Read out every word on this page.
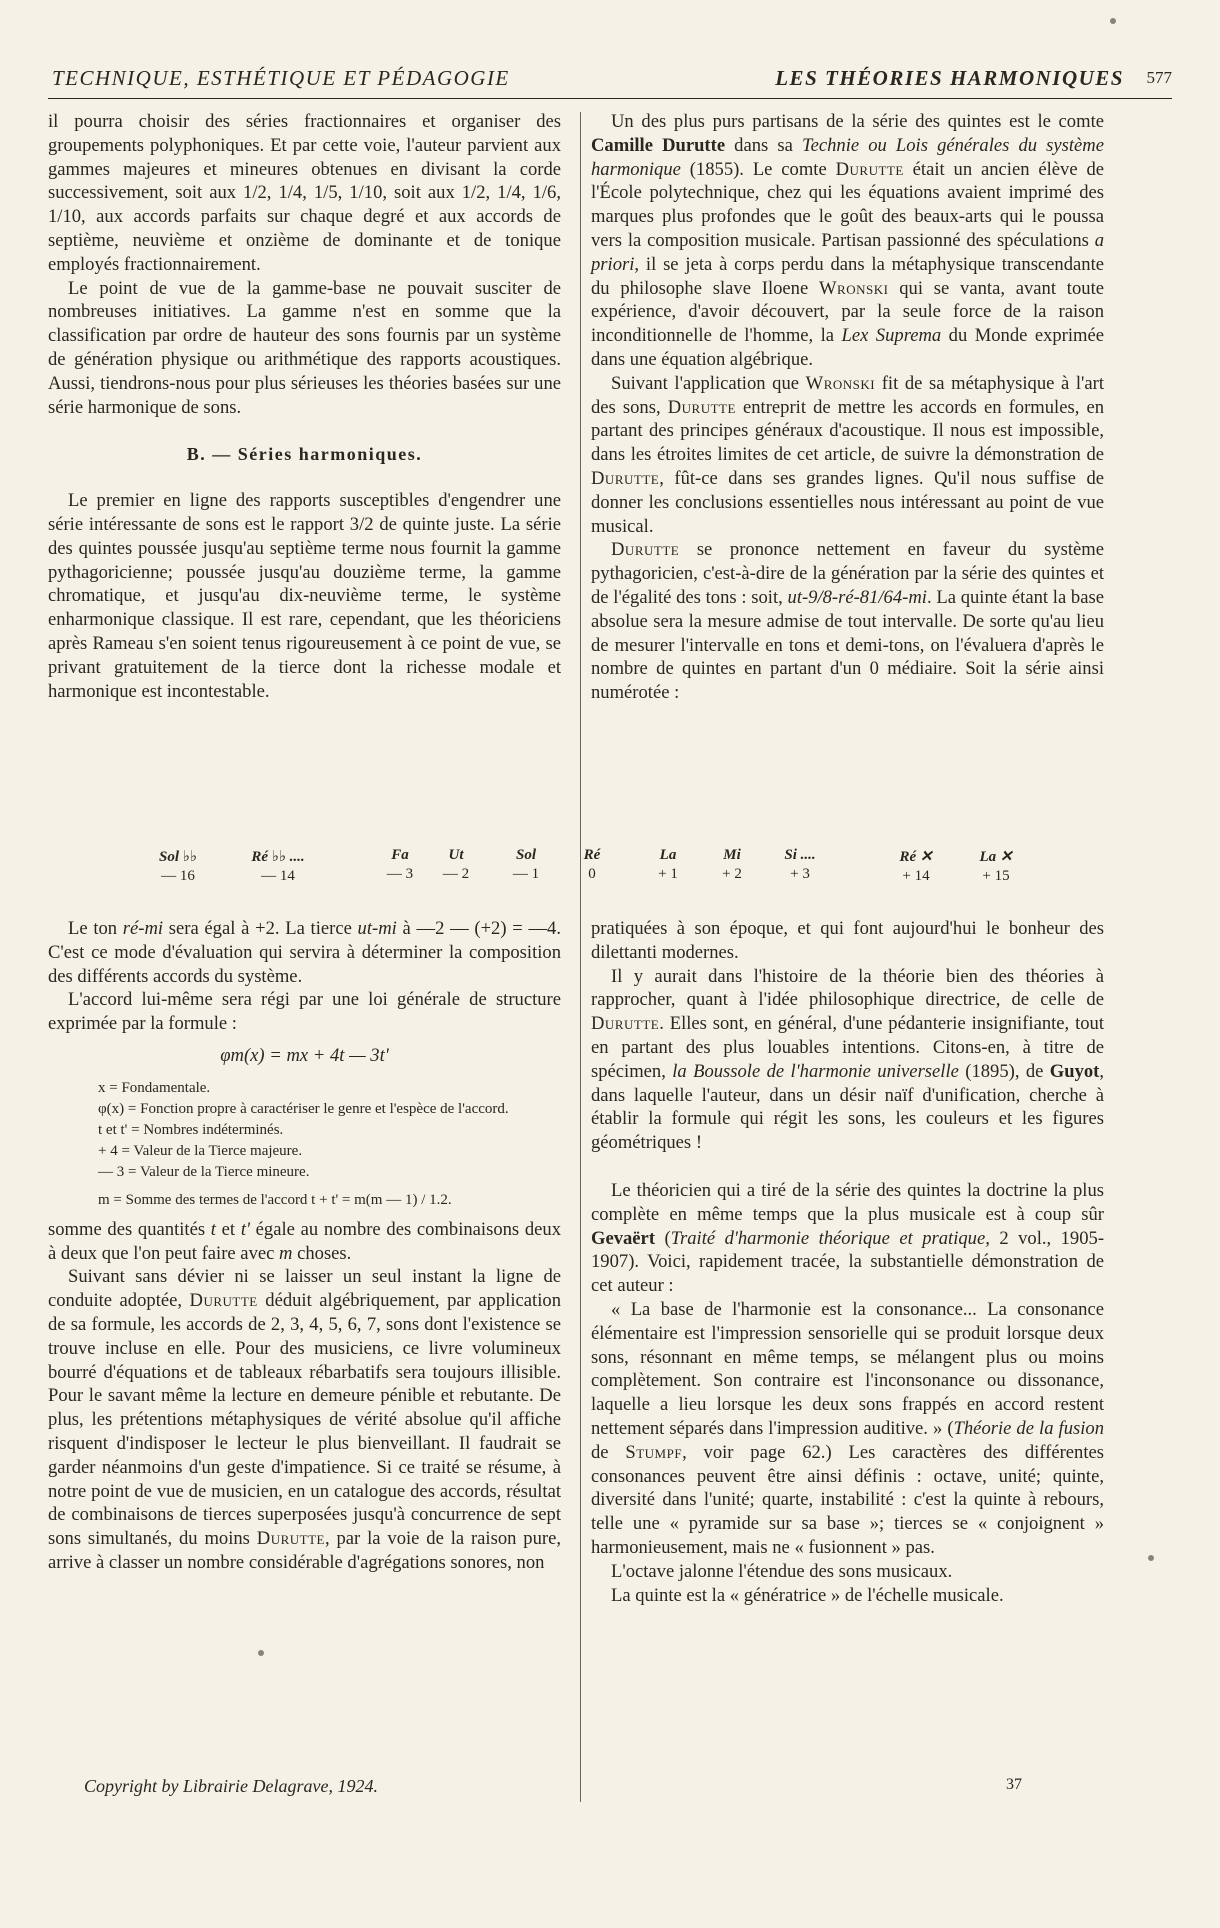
TECHNIQUE, ESTHÉTIQUE ET PÉDAGOGIE	LES THÉORIES HARMONIQUES 577

il pourra choisir des séries fractionnaires et organiser des groupements polyphoniques. Et par cette voie, l'auteur parvient aux gammes majeures et mineures obtenues en divisant la corde successivement, soit aux 1/2, 1/4, 1/5, 1/10, soit aux 1/2, 1/4, 1/6, 1/10, aux accords parfaits sur chaque degré et aux accords de septième, neuvième et onzième de dominante et de tonique employés fractionnairement.

Le point de vue de la gamme-base ne pouvait susciter de nombreuses initiatives. La gamme n'est en somme que la classification par ordre de hauteur des sons fournis par un système de génération physique ou arithmétique des rapports acoustiques. Aussi, tiendrons-nous pour plus sérieuses les théories basées sur une série harmonique de sons.

B. — Séries harmoniques.

Le premier en ligne des rapports susceptibles d'engendrer une série intéressante de sons est le rapport 3/2 de quinte juste. La série des quintes poussée jusqu'au septième terme nous fournit la gamme pythagoricienne; poussée jusqu'au douzième terme, la gamme chromatique, et jusqu'au dix-neuvième terme, le système enharmonique classique. Il est rare, cependant, que les théoriciens après Rameau s'en soient tenus rigoureusement à ce point de vue, se privant gratuitement de la tierce dont la richesse modale et harmonique est incontestable.

Un des plus purs partisans de la série des quintes est le comte Camille Durutte dans sa Technie ou Lois générales du système harmonique (1855). Le comte Durutte était un ancien élève de l'École polytechnique, chez qui les équations avaient imprimé des marques plus profondes que le goût des beaux-arts qui le poussa vers la composition musicale. Partisan passionné des spéculations a priori, il se jeta à corps perdu dans la métaphysique transcendante du philosophe slave Iloene Wronski qui se vanta, avant toute expérience, d'avoir découvert, par la seule force de la raison inconditionnelle de l'homme, la Lex Suprema du Monde exprimée dans une équation algébrique.

Suivant l'application que Wronski fit de sa métaphysique à l'art des sons, Durutte entreprit de mettre les accords en formules, en partant des principes généraux d'acoustique. Il nous est impossible, dans les étroites limites de cet article, de suivre la démonstration de Durutte, fût-ce dans ses grandes lignes. Qu'il nous suffise de donner les conclusions essentielles nous intéressant au point de vue musical.

Durutte se prononce nettement en faveur du système pythagoricien, c'est-à-dire de la génération par la série des quintes et de l'égalité des tons : soit, ut-9/8-ré-81/64-mi. La quinte étant la base absolue sera la mesure admise de tout intervalle. De sorte qu'au lieu de mesurer l'intervalle en tons et demi-tons, on l'évaluera d'après le nombre de quintes en partant d'un 0 médiaire. Soit la série ainsi numérotée :

Sol ♭♭
— 16
Ré ♭♭ ....
— 14
Fa
— 3
Ut
— 2
Sol
— 1
Ré
0
La
+ 1
Mi
+ 2
Si ....
+ 3
Ré ✕
+ 14
La ✕
+ 15

Le ton ré-mi sera égal à +2. La tierce ut-mi à —2 — (+2) = —4. C'est ce mode d'évaluation qui servira à déterminer la composition des différents accords du système.

L'accord lui-même sera régi par une loi générale de structure exprimée par la formule :

φm(x) = mx + 4t — 3t'
x = Fondamentale.
φ(x) = Fonction propre à caractériser le genre et l'espèce de l'accord.
t et t' = Nombres indéterminés.
+ 4 = Valeur de la Tierce majeure.
— 3 = Valeur de la Tierce mineure.
m = Somme des termes de l'accord t + t' = m(m — 1) / 1.2.

somme des quantités t et t' égale au nombre des combinaisons deux à deux que l'on peut faire avec m choses.

Suivant sans dévier ni se laisser un seul instant la ligne de conduite adoptée, Durutte déduit algébriquement, par application de sa formule, les accords de 2, 3, 4, 5, 6, 7, sons dont l'existence se trouve incluse en elle. Pour des musiciens, ce livre volumineux bourré d'équations et de tableaux rébarbatifs sera toujours illisible. Pour le savant même la lecture en demeure pénible et rebutante. De plus, les prétentions métaphysiques de vérité absolue qu'il affiche risquent d'indisposer le lecteur le plus bienveillant. Il faudrait se garder néanmoins d'un geste d'impatience. Si ce traité se résume, à notre point de vue de musicien, en un catalogue des accords, résultat de combinaisons de tierces superposées jusqu'à concurrence de sept sons simultanés, du moins Durutte, par la voie de la raison pure, arrive à classer un nombre considérable d'agrégations sonores, non

pratiquées à son époque, et qui font aujourd'hui le bonheur des dilettanti modernes.

Il y aurait dans l'histoire de la théorie bien des théories à rapprocher, quant à l'idée philosophique directrice, de celle de Durutte. Elles sont, en général, d'une pédanterie insignifiante, tout en partant des plus louables intentions. Citons-en, à titre de spécimen, la Boussole de l'harmonie universelle (1895), de Guyot, dans laquelle l'auteur, dans un désir naïf d'unification, cherche à établir la formule qui régit les sons, les couleurs et les figures géométriques !

Le théoricien qui a tiré de la série des quintes la doctrine la plus complète en même temps que la plus musicale est à coup sûr Gevaërt (Traité d'harmonie théorique et pratique, 2 vol., 1905-1907). Voici, rapidement tracée, la substantielle démonstration de cet auteur :

« La base de l'harmonie est la consonance... La consonance élémentaire est l'impression sensorielle qui se produit lorsque deux sons, résonnant en même temps, se mélangent plus ou moins complètement. Son contraire est l'inconsonance ou dissonance, laquelle a lieu lorsque les deux sons frappés en accord restent nettement séparés dans l'impression auditive. » (Théorie de la fusion de Stumpf, voir page 62.) Les caractères des différentes consonances peuvent être ainsi définis : octave, unité; quinte, diversité dans l'unité; quarte, instabilité : c'est la quinte à rebours, telle une « pyramide sur sa base »; tierces se « conjoignent » harmonieusement, mais ne « fusionnent » pas.

L'octave jalonne l'étendue des sons musicaux.

La quinte est la « génératrice » de l'échelle musicale.

Copyright by Librairie Delagrave, 1924.	37
